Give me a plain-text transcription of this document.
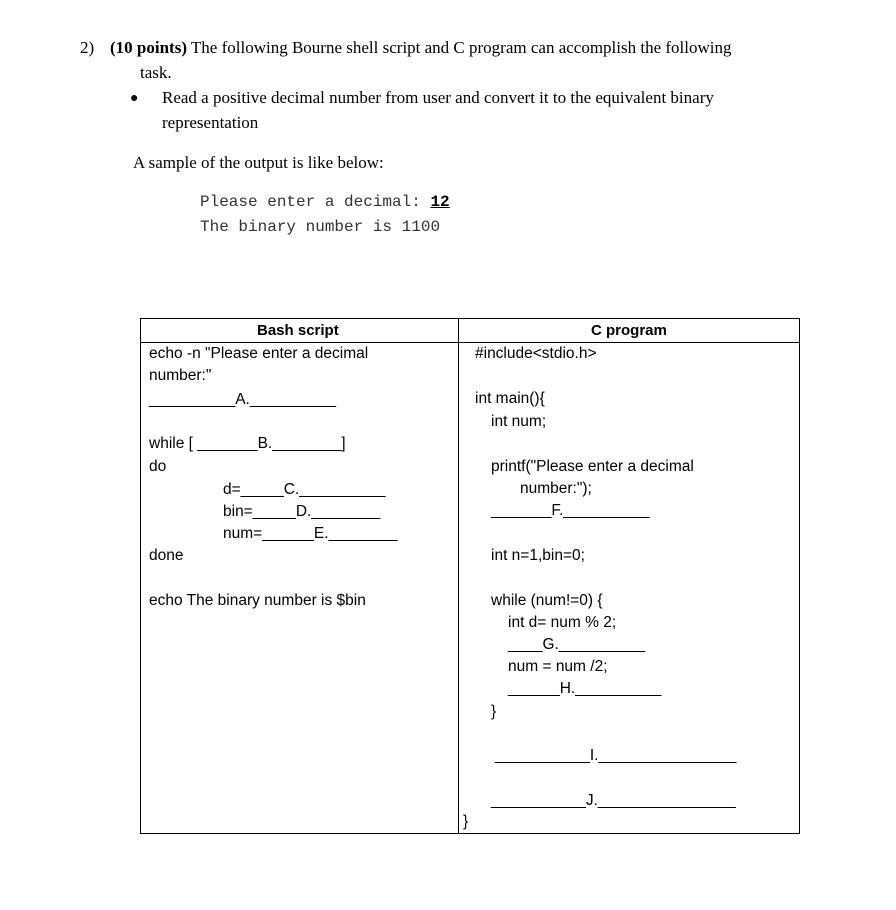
2) (10 points) The following Bourne shell script and C program can accomplish the following
task.
● Read a positive decimal number from user and convert it to the equivalent binary
representation
A sample of the output is like below:
Please enter a decimal: 12
The binary number is 1100
Bash script	C program
echo -n "Please enter a decimal
number:"
__________A.__________
while [ _______B.________]
do
d=_____C.__________
bin=_____D.________
num=______E.________
done
echo The binary number is $bin
#include<stdio.h>
int main(){
int num;
printf("Please enter a decimal
number:");
_______F.__________
int n=1,bin=0;
while (num!=0) {
int d= num % 2;
____G.__________
num = num /2;
______H.__________
}
___________I.________________
___________J.________________
}
